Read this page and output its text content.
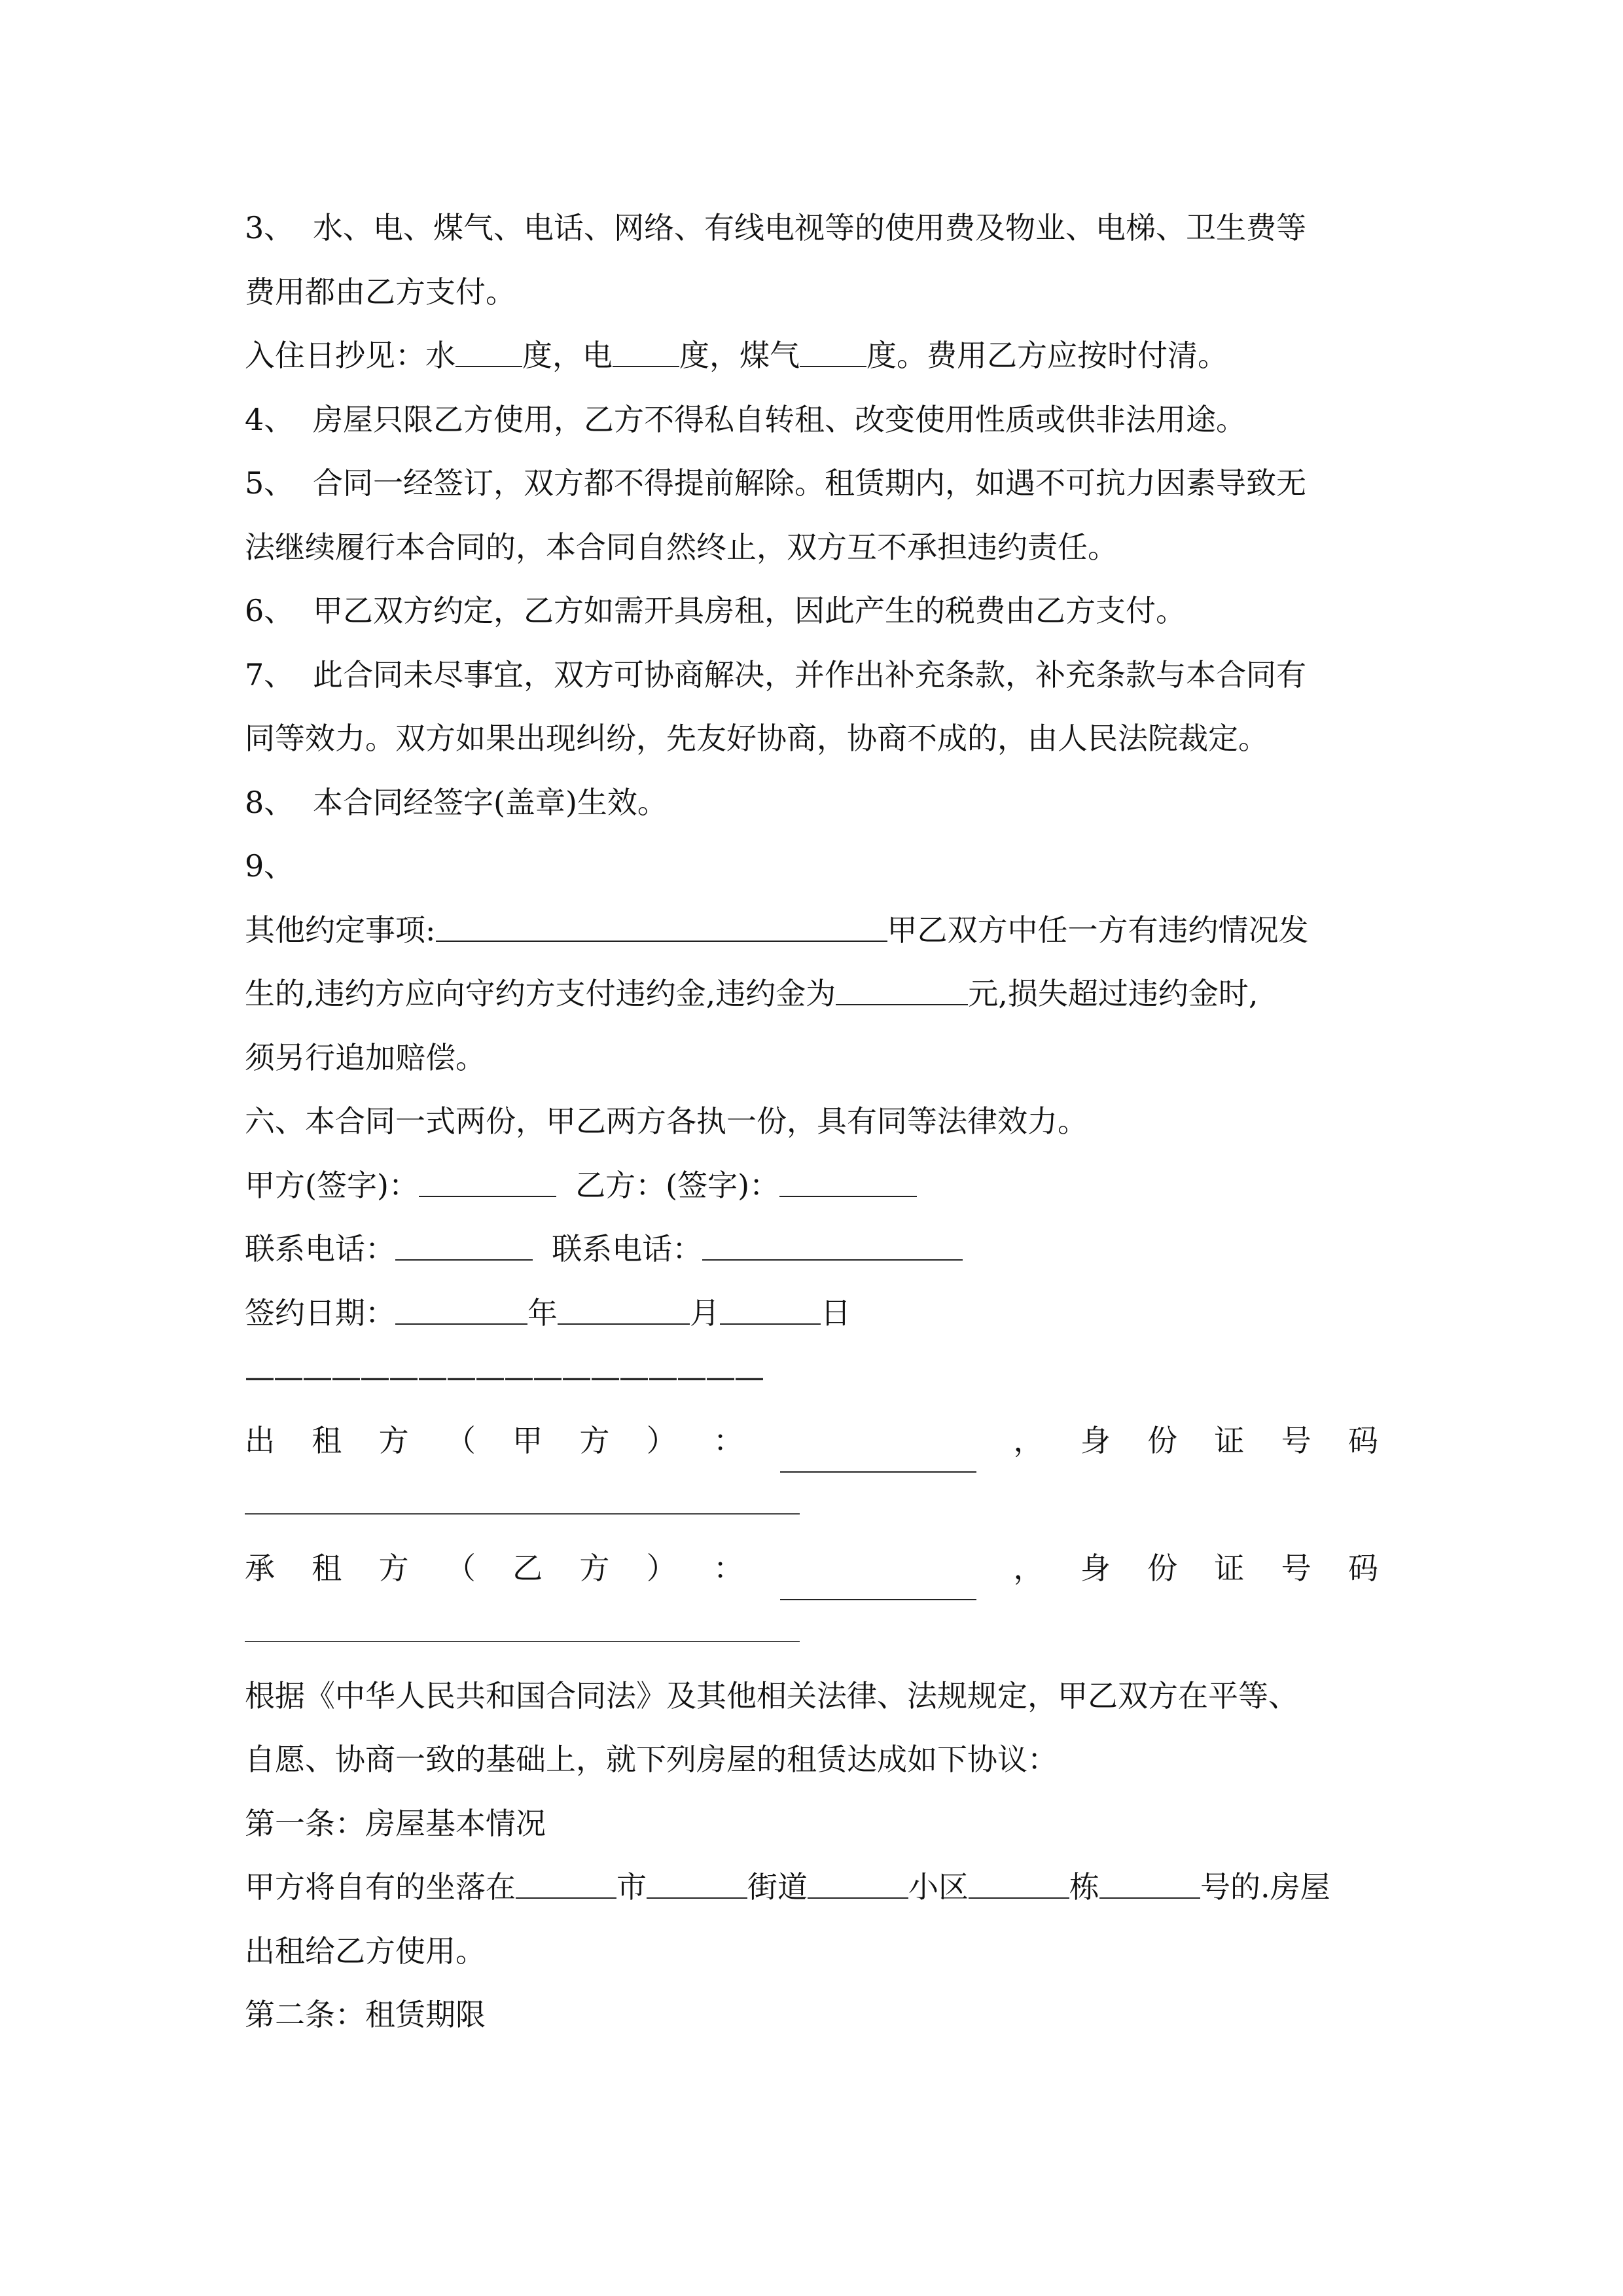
3、 水、电、煤气、电话、网络、有线电视等的使用费及物业、电梯、卫生费等
费用都由乙方支付。
入住日抄见：水 度，电 度，煤气 度。费用乙方应按时付清。
4、 房屋只限乙方使用，乙方不得私自转租、改变使用性质或供非法用途。
5、 合同一经签订，双方都不得提前解除。租赁期内，如遇不可抗力因素导致无
法继续履行本合同的，本合同自然终止，双方互不承担违约责任。
6、 甲乙双方约定，乙方如需开具房租，因此产生的税费由乙方支付。
7、 此合同未尽事宜，双方可协商解决，并作出补充条款，补充条款与本合同有
同等效力。双方如果出现纠纷，先友好协商，协商不成的，由人民法院裁定。
8、 本合同经签字(盖章)生效。
9、
其他约定事项:	甲乙双方中任一方有违约情况发
生的,违约方应向守约方支付违约金,违约金为	元,损失超过违约金时,
须另行追加赔偿。
六、本合同一式两份，甲乙两方各执一份，具有同等法律效力。
甲方(签字)：	乙方：(签字)：
联系电话：	联系电话：
签约日期：	年	月	日
——————————————————
出 租 方 （ 甲 方 ） ：	， 身 份 证 号 码
承 租 方 （ 乙 方 ） ：	， 身 份 证 号 码
根据《中华人民共和国合同法》及其他相关法律、法规规定，甲乙双方在平等、
自愿、协商一致的基础上，就下列房屋的租赁达成如下协议：
第一条：房屋基本情况
甲方将自有的坐落在	市	街道	小区	栋	号的.房屋
出租给乙方使用。
第二条：租赁期限
